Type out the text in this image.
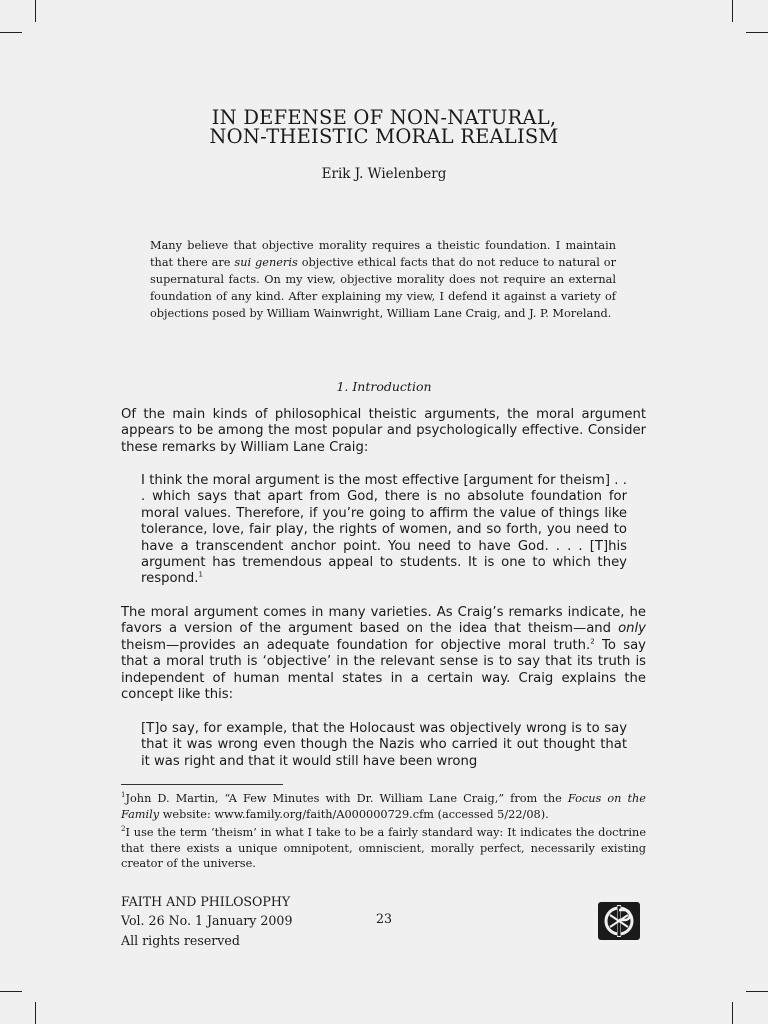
IN DEFENSE OF NON-NATURAL,
NON-THEISTIC MORAL REALISM
Erik J. Wielenberg
Many believe that objective morality requires a theistic foundation. I maintain that there are sui generis objective ethical facts that do not reduce to natural or supernatural facts. On my view, objective morality does not require an external foundation of any kind. After explaining my view, I defend it against a variety of objections posed by William Wainwright, William Lane Craig, and J. P. Moreland.
1. Introduction
Of the main kinds of philosophical theistic arguments, the moral argument appears to be among the most popular and psychologically effective. Consider these remarks by William Lane Craig:
I think the moral argument is the most effective [argument for theism] . . . which says that apart from God, there is no absolute foundation for moral values. Therefore, if you’re going to affirm the value of things like tolerance, love, fair play, the rights of women, and so forth, you need to have a transcendent anchor point. You need to have God. . . . [T]his argument has tremendous appeal to students. It is one to which they respond.$^1$
The moral argument comes in many varieties. As Craig’s remarks indicate, he favors a version of the argument based on the idea that theism—and only theism—provides an adequate foundation for objective moral truth.$^2$ To say that a moral truth is ‘objective’ in the relevant sense is to say that its truth is independent of human mental states in a certain way. Craig explains the concept like this:
[T]o say, for example, that the Holocaust was objectively wrong is to say that it was wrong even though the Nazis who carried it out thought that it was right and that it would still have been wrong
$^1$John D. Martin, “A Few Minutes with Dr. William Lane Craig,” from the Focus on the Family website: www.family.org/faith/A000000729.cfm (accessed 5/22/08).
$^2$I use the term ‘theism’ in what I take to be a fairly standard way: It indicates the doctrine that there exists a unique omnipotent, omniscient, morally perfect, necessarily existing creator of the universe.
FAITH AND PHILOSOPHY
Vol. 26 No. 1 January 2009
All rights reserved
23
